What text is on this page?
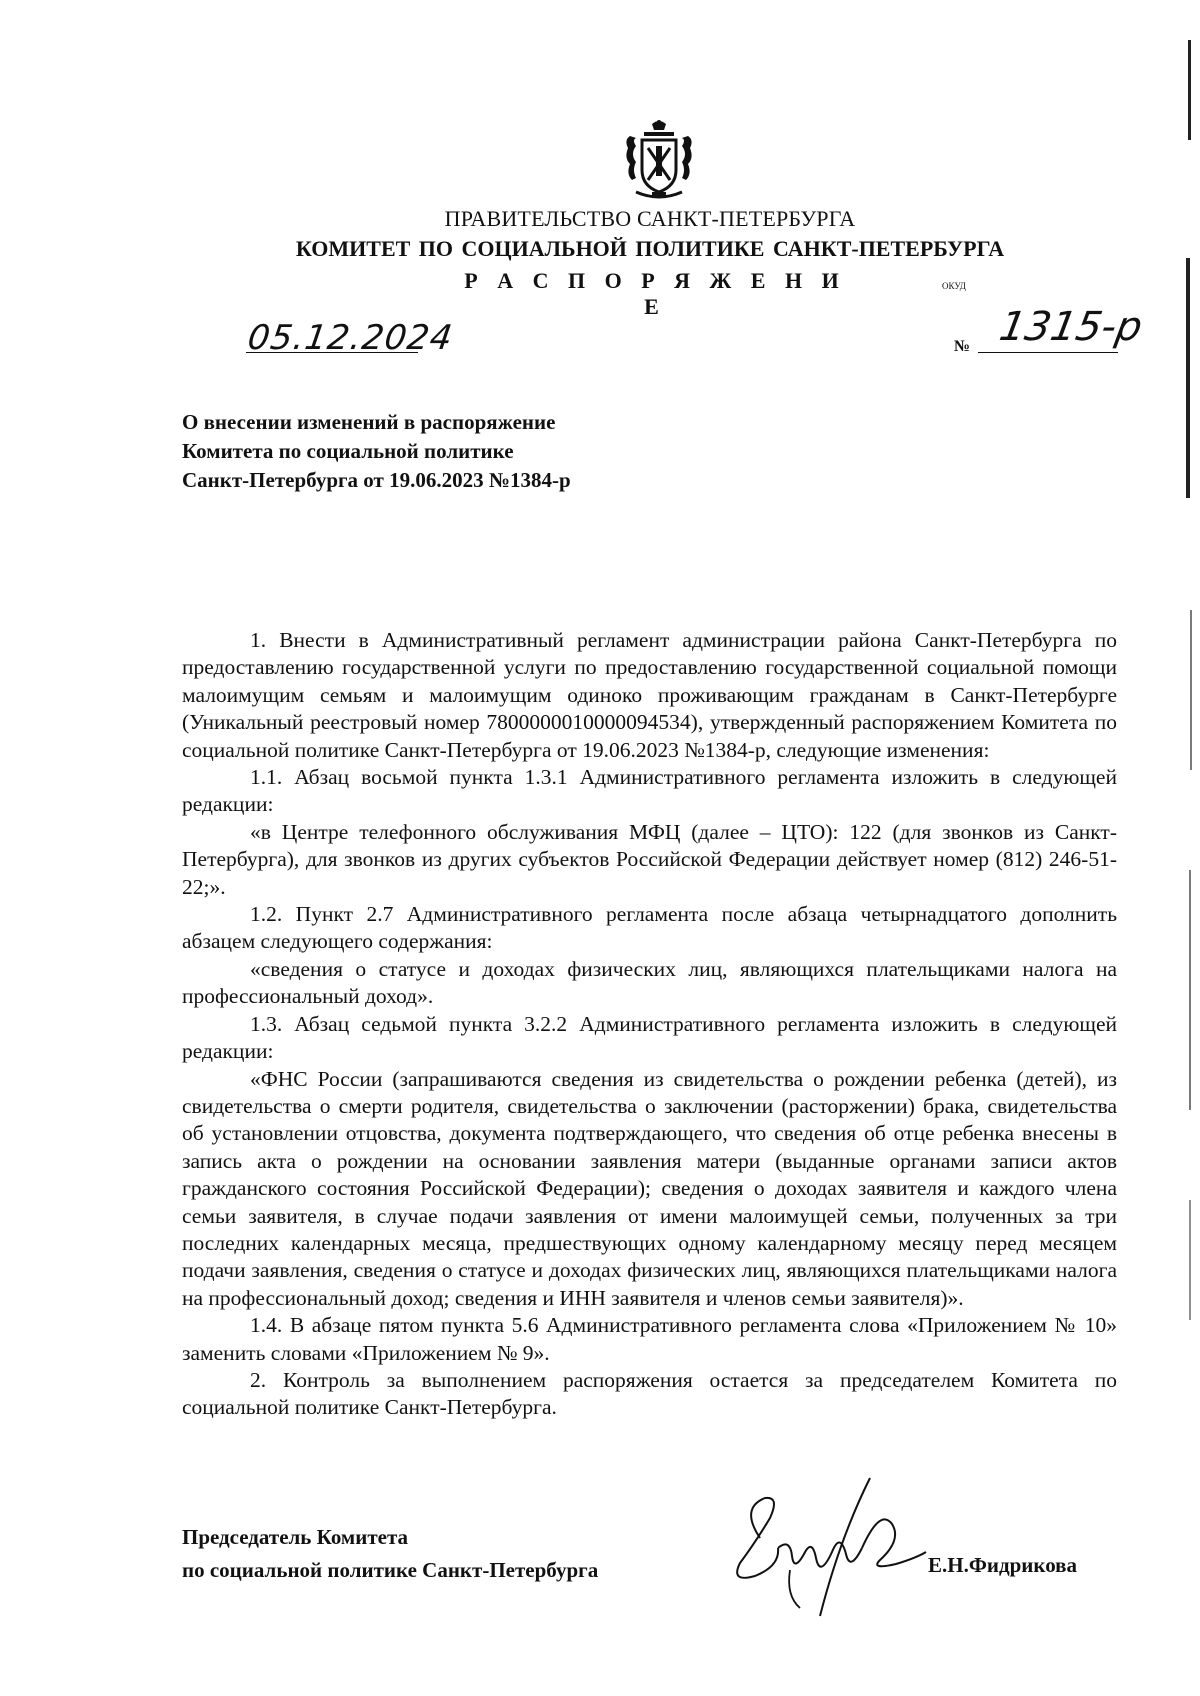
ПРАВИТЕЛЬСТВО САНКТ-ПЕТЕРБУРГА
КОМИТЕТ ПО СОЦИАЛЬНОЙ ПОЛИТИКЕ САНКТ-ПЕТЕРБУРГА
Р А С П О Р Я Ж Е Н И Е
ОКУД
05.12.2024	№ 1315-р
О внесении изменений в распоряжение
Комитета по социальной политике
Санкт-Петербурга от 19.06.2023 №1384-р

1. Внести в Административный регламент администрации района Санкт-Петербурга по предоставлению государственной услуги по предоставлению государственной социальной помощи малоимущим семьям и малоимущим одиноко проживающим гражданам в Санкт-Петербурге (Уникальный реестровый номер 7800000010000094534), утвержденный распоряжением Комитета по социальной политике Санкт-Петербурга от 19.06.2023 №1384-р, следующие изменения:

1.1. Абзац восьмой пункта 1.3.1 Административного регламента изложить в следующей редакции:

«в Центре телефонного обслуживания МФЦ (далее – ЦТО): 122 (для звонков из Санкт-Петербурга), для звонков из других субъектов Российской Федерации действует номер (812) 246-51-22;».

1.2. Пункт 2.7 Административного регламента после абзаца четырнадцатого дополнить абзацем следующего содержания:

«сведения о статусе и доходах физических лиц, являющихся плательщиками налога на профессиональный доход».

1.3. Абзац седьмой пункта 3.2.2 Административного регламента изложить в следующей редакции:

«ФНС России (запрашиваются сведения из свидетельства о рождении ребенка (детей), из свидетельства о смерти родителя, свидетельства о заключении (расторжении) брака, свидетельства об установлении отцовства, документа подтверждающего, что сведения об отце ребенка внесены в запись акта о рождении на основании заявления матери (выданные органами записи актов гражданского состояния Российской Федерации); сведения о доходах заявителя и каждого члена семьи заявителя, в случае подачи заявления от имени малоимущей семьи, полученных за три последних календарных месяца, предшествующих одному календарному месяцу перед месяцем подачи заявления, сведения о статусе и доходах физических лиц, являющихся плательщиками налога на профессиональный доход; сведения и ИНН заявителя и членов семьи заявителя)».

1.4. В абзаце пятом пункта 5.6 Административного регламента слова «Приложением № 10» заменить словами «Приложением № 9».

2. Контроль за выполнением распоряжения остается за председателем Комитета по социальной политике Санкт-Петербурга.

Председатель Комитета
по социальной политике Санкт-Петербурга	Е.Н.Фидрикова
